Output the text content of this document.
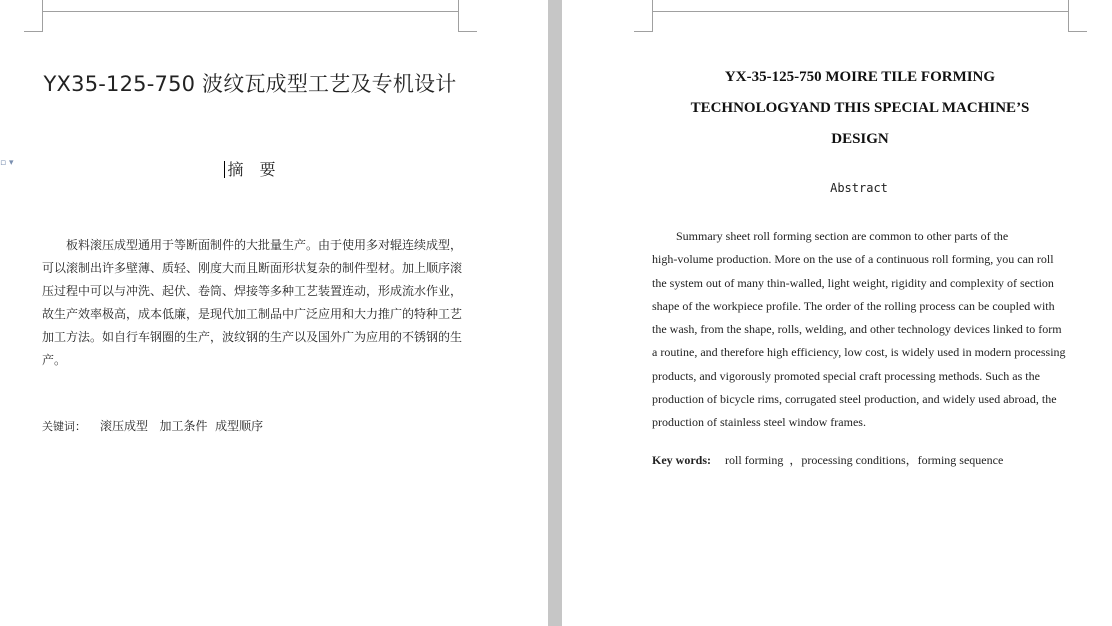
▫ ▾
YX35-125-750 波纹瓦成型工艺及专机设计
摘 要
板料滚压成型通用于等断面制件的大批量生产。由于使用多对辊连续成型，
可以滚制出许多壁薄、质轻、刚度大而且断面形状复杂的制件型材。加上顺序滚
压过程中可以与冲洗、起伏、卷筒、焊接等多种工艺装置连动，形成流水作业，
故生产效率极高，成本低廉，是现代加工制品中广泛应用和大力推广的特种工艺
加工方法。如自行车钢圈的生产，波纹钢的生产以及国外广为应用的不锈钢的生
产。
关键词： 滚压成型   加工条件  成型顺序
YX-35-125-750 MOIRE TILE FORMING
TECHNOLOGYAND THIS SPECIAL MACHINE’S
DESIGN
Abstract
Summary sheet roll forming section are common to other parts of the
high-volume production. More on the use of a continuous roll forming, you can roll
the system out of many thin-walled, light weight, rigidity and complexity of section
shape of the workpiece profile. The order of the rolling process can be coupled with
the wash, from the shape, rolls, welding, and other technology devices linked to form
a routine, and therefore high efficiency, low cost, is widely used in modern processing
products, and vigorously promoted special craft processing methods. Such as the
production of bicycle rims, corrugated steel production, and widely used abroad, the
production of stainless steel window frames.
Key words: roll forming  ，processing conditions，forming sequence
